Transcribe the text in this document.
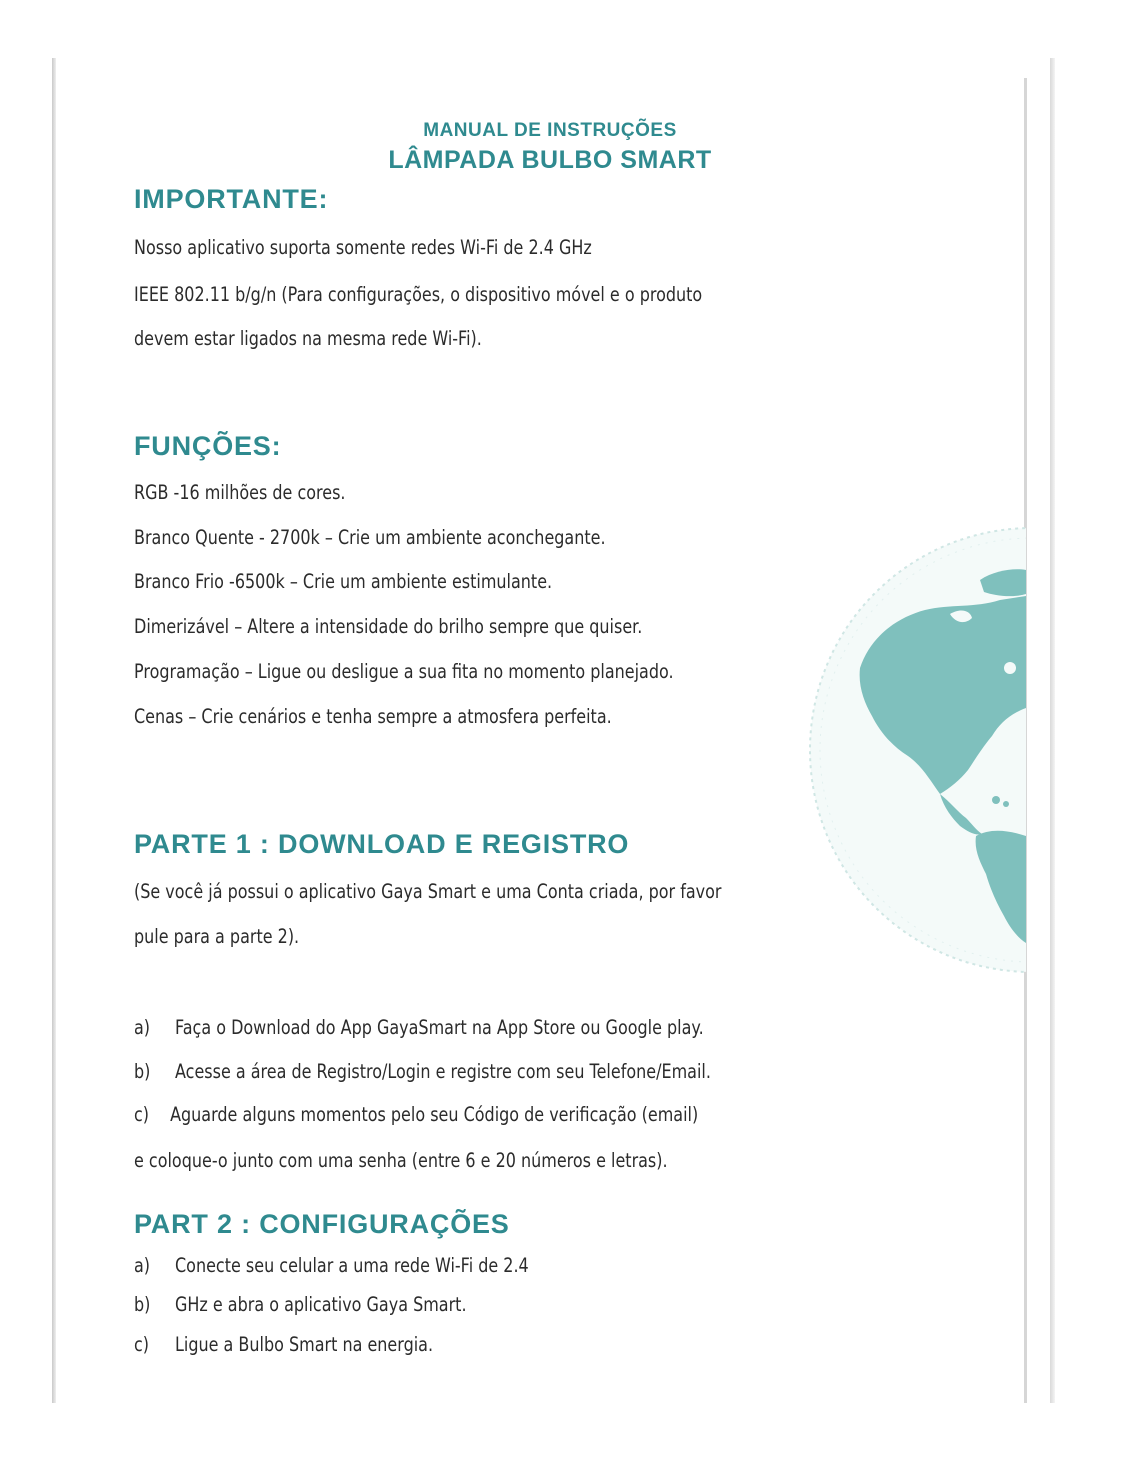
MANUAL DE INSTRUÇÕES
LÂMPADA BULBO SMART
IMPORTANTE:
Nosso aplicativo suporta somente redes Wi-Fi de 2.4 GHz
IEEE 802.11 b/g/n (Para configurações, o dispositivo móvel e o produto
devem estar ligados na mesma rede Wi-Fi).
FUNÇÕES:
RGB -16 milhões de cores.
Branco Quente - 2700k – Crie um ambiente aconchegante.
Branco Frio -6500k – Crie um ambiente estimulante.
Dimerizável – Altere a intensidade do brilho sempre que quiser.
Programação – Ligue ou desligue a sua fita no momento planejado.
Cenas – Crie cenários e tenha sempre a atmosfera perfeita.
PARTE 1 : DOWNLOAD E REGISTRO
(Se você já possui o aplicativo Gaya Smart e uma Conta criada, por favor
pule para a parte 2).
a) Faça o Download do App GayaSmart na App Store ou Google play.
b) Acesse a área de Registro/Login e registre com seu Telefone/Email.
c) Aguarde alguns momentos pelo seu Código de verificação (email)
e coloque-o junto com uma senha (entre 6 e 20 números e letras).
PART 2 : CONFIGURAÇÕES
a) Conecte seu celular a uma rede Wi-Fi de 2.4
b) GHz e abra o aplicativo Gaya Smart.
c) Ligue a Bulbo Smart na energia.
